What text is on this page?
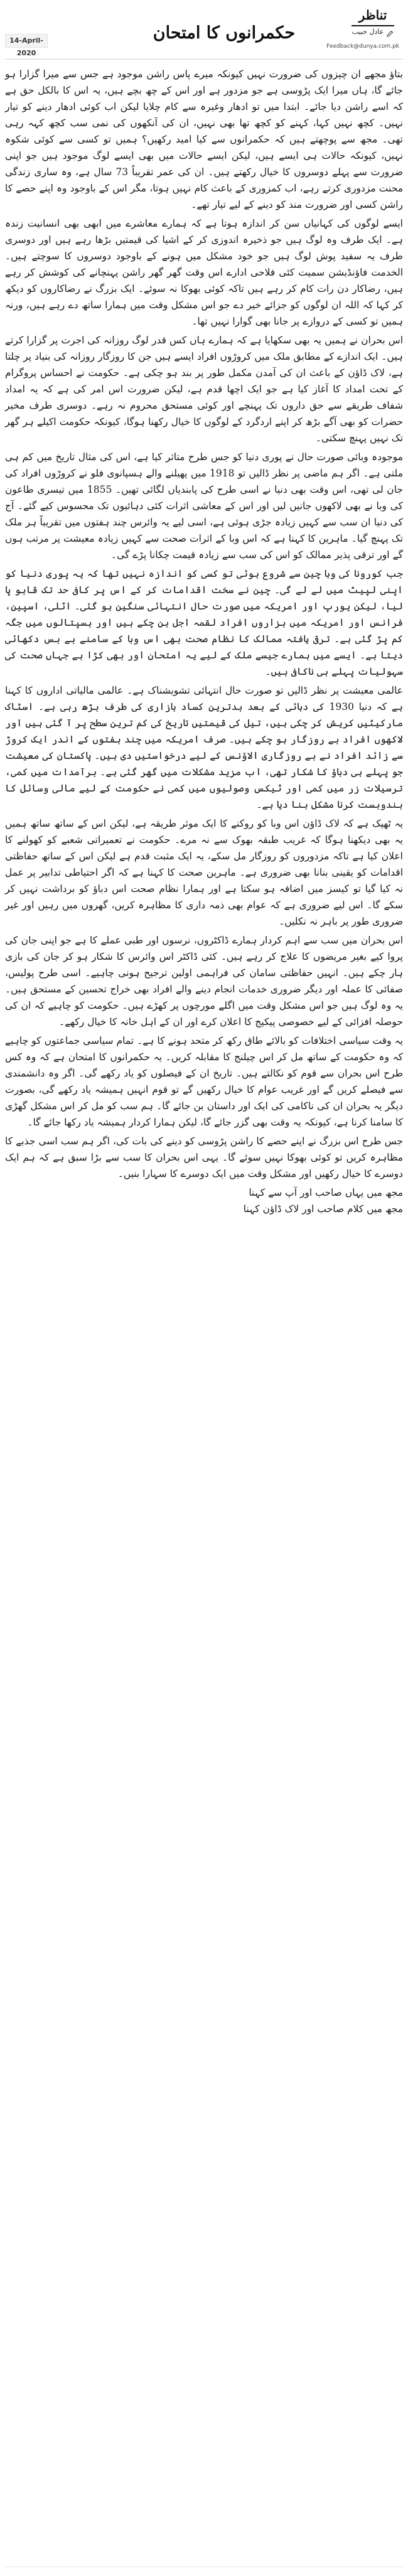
14-April-2020
حکمرانوں کا امتحان
تناظر
عادل حبیب
Feedback@dunya.com.pk

بتاؤ مجھے ان چیزوں کی ضرورت نہیں کیونکہ میرے پاس راشن موجود ہے جس سے میرا گزارا ہو جائے گا، ہاں میرا ایک پڑوسی ہے جو مزدور ہے اور اس کے چھ بچے ہیں، یہ اس کا بالکل حق ہے کہ اسے راشن دیا جائے۔ ابتدا میں تو ادھار وغیرہ سے کام چلایا لیکن اب کوئی ادھار دینے کو تیار نہیں۔ کچھ نہیں کہا، کہنے کو کچھ تھا بھی نہیں، ان کی آنکھوں کی نمی سب کچھ کہہ رہی تھی۔ مجھ سے پوچھتے ہیں کہ حکمرانوں سے کیا امید رکھیں؟ ہمیں تو کسی سے کوئی شکوہ نہیں، کیونکہ حالات ہی ایسے ہیں، لیکن ایسے حالات میں بھی ایسے لوگ موجود ہیں جو اپنی ضرورت سے پہلے دوسروں کا خیال رکھتے ہیں۔ ان کی عمر تقریباً 73 سال ہے، وہ ساری زندگی محنت مزدوری کرتے رہے، اب کمزوری کے باعث کام نہیں ہوتا، مگر اس کے باوجود وہ اپنے حصے کا راشن کسی اور ضرورت مند کو دینے کے لیے تیار تھے۔

ایسے لوگوں کی کہانیاں سن کر اندازہ ہوتا ہے کہ ہمارے معاشرے میں ابھی بھی انسانیت زندہ ہے۔ ایک طرف وہ لوگ ہیں جو ذخیرہ اندوزی کر کے اشیا کی قیمتیں بڑھا رہے ہیں اور دوسری طرف یہ سفید پوش لوگ ہیں جو خود مشکل میں ہونے کے باوجود دوسروں کا سوچتے ہیں۔ الخدمت فاؤنڈیشن سمیت کئی فلاحی ادارے اس وقت گھر گھر راشن پہنچانے کی کوشش کر رہے ہیں، رضاکار دن رات کام کر رہے ہیں تاکہ کوئی بھوکا نہ سوئے۔ ایک بزرگ نے رضاکاروں کو دیکھ کر کہا کہ اللہ ان لوگوں کو جزائے خیر دے جو اس مشکل وقت میں ہمارا ساتھ دے رہے ہیں، ورنہ ہمیں تو کسی کے دروازے پر جانا بھی گوارا نہیں تھا۔

اس بحران نے ہمیں یہ بھی سکھایا ہے کہ ہمارے ہاں کس قدر لوگ روزانہ کی اجرت پر گزارا کرتے ہیں۔ ایک اندازے کے مطابق ملک میں کروڑوں افراد ایسے ہیں جن کا روزگار روزانہ کی بنیاد پر چلتا ہے، لاک ڈاؤن کے باعث ان کی آمدن مکمل طور پر بند ہو چکی ہے۔ حکومت نے احساس پروگرام کے تحت امداد کا آغاز کیا ہے جو ایک اچھا قدم ہے، لیکن ضرورت اس امر کی ہے کہ یہ امداد شفاف طریقے سے حق داروں تک پہنچے اور کوئی مستحق محروم نہ رہے۔ دوسری طرف مخیر حضرات کو بھی آگے بڑھ کر اپنے اردگرد کے لوگوں کا خیال رکھنا ہوگا، کیونکہ حکومت اکیلے ہر گھر تک نہیں پہنچ سکتی۔

موجودہ وبائی صورت حال نے پوری دنیا کو جس طرح متاثر کیا ہے، اس کی مثال تاریخ میں کم ہی ملتی ہے۔ اگر ہم ماضی پر نظر ڈالیں تو 1918 میں پھیلنے والے ہسپانوی فلو نے کروڑوں افراد کی جان لی تھی، اس وقت بھی دنیا نے اسی طرح کی پابندیاں لگائی تھیں۔ 1855 میں تیسری طاعون کی وبا نے بھی لاکھوں جانیں لیں اور اس کے معاشی اثرات کئی دہائیوں تک محسوس کیے گئے۔ آج کی دنیا ان سب سے کہیں زیادہ جڑی ہوئی ہے، اسی لیے یہ وائرس چند ہفتوں میں تقریباً ہر ملک تک پہنچ گیا۔ ماہرین کا کہنا ہے کہ اس وبا کے اثرات صحت سے کہیں زیادہ معیشت پر مرتب ہوں گے اور ترقی پذیر ممالک کو اس کی سب سے زیادہ قیمت چکانا پڑے گی۔

جب کورونا کی وبا چین سے شروع ہوئی تو کسی کو اندازہ نہیں تھا کہ یہ پوری دنیا کو اپنی لپیٹ میں لے لے گی۔ چین نے سخت اقدامات کر کے اس پر کافی حد تک قابو پا لیا، لیکن یورپ اور امریکہ میں صورت حال انتہائی سنگین ہو گئی۔ اٹلی، اسپین، فرانس اور امریکہ میں ہزاروں افراد لقمہ اجل بن چکے ہیں اور ہسپتالوں میں جگہ کم پڑ گئی ہے۔ ترقی یافتہ ممالک کا نظام صحت بھی اس وبا کے سامنے بے بس دکھائی دیتا ہے۔ ایسے میں ہمارے جیسے ملک کے لیے یہ امتحان اور بھی کڑا ہے جہاں صحت کی سہولیات پہلے ہی ناکافی ہیں۔

عالمی معیشت پر نظر ڈالیں تو صورت حال انتہائی تشویشناک ہے۔ عالمی مالیاتی اداروں کا کہنا ہے کہ دنیا 1930 کی دہائی کے بعد بدترین کساد بازاری کی طرف بڑھ رہی ہے۔ اسٹاک مارکیٹیں کریش کر چکی ہیں، تیل کی قیمتیں تاریخ کی کم ترین سطح پر آ گئی ہیں اور لاکھوں افراد بے روزگار ہو چکے ہیں۔ صرف امریکہ میں چند ہفتوں کے اندر ایک کروڑ سے زائد افراد نے بے روزگاری الاؤنس کے لیے درخواستیں دی ہیں۔ پاکستان کی معیشت جو پہلے ہی دباؤ کا شکار تھی، اب مزید مشکلات میں گھر گئی ہے۔ برآمدات میں کمی، ترسیلات زر میں کمی اور ٹیکس وصولیوں میں کمی نے حکومت کے لیے مالی وسائل کا بندوبست کرنا مشکل بنا دیا ہے۔

یہ ٹھیک ہے کہ لاک ڈاؤن اس وبا کو روکنے کا ایک موثر طریقہ ہے، لیکن اس کے ساتھ ساتھ ہمیں یہ بھی دیکھنا ہوگا کہ غریب طبقہ بھوک سے نہ مرے۔ حکومت نے تعمیراتی شعبے کو کھولنے کا اعلان کیا ہے تاکہ مزدوروں کو روزگار مل سکے، یہ ایک مثبت قدم ہے لیکن اس کے ساتھ حفاظتی اقدامات کو یقینی بنانا بھی ضروری ہے۔ ماہرین صحت کا کہنا ہے کہ اگر احتیاطی تدابیر پر عمل نہ کیا گیا تو کیسز میں اضافہ ہو سکتا ہے اور ہمارا نظام صحت اس دباؤ کو برداشت نہیں کر سکے گا۔ اس لیے ضروری ہے کہ عوام بھی ذمہ داری کا مظاہرہ کریں، گھروں میں رہیں اور غیر ضروری طور پر باہر نہ نکلیں۔

اس بحران میں سب سے اہم کردار ہمارے ڈاکٹروں، نرسوں اور طبی عملے کا ہے جو اپنی جان کی پروا کیے بغیر مریضوں کا علاج کر رہے ہیں۔ کئی ڈاکٹر اس وائرس کا شکار ہو کر جان کی بازی ہار چکے ہیں۔ انہیں حفاظتی سامان کی فراہمی اولین ترجیح ہونی چاہیے۔ اسی طرح پولیس، صفائی کا عملہ اور دیگر ضروری خدمات انجام دینے والے افراد بھی خراج تحسین کے مستحق ہیں۔ یہ وہ لوگ ہیں جو اس مشکل وقت میں اگلے مورچوں پر کھڑے ہیں۔ حکومت کو چاہیے کہ ان کی حوصلہ افزائی کے لیے خصوصی پیکیج کا اعلان کرے اور ان کے اہل خانہ کا خیال رکھے۔

یہ وقت سیاسی اختلافات کو بالائے طاق رکھ کر متحد ہونے کا ہے۔ تمام سیاسی جماعتوں کو چاہیے کہ وہ حکومت کے ساتھ مل کر اس چیلنج کا مقابلہ کریں۔ یہ حکمرانوں کا امتحان ہے کہ وہ کس طرح اس بحران سے قوم کو نکالتے ہیں۔ تاریخ ان کے فیصلوں کو یاد رکھے گی۔ اگر وہ دانشمندی سے فیصلے کریں گے اور غریب عوام کا خیال رکھیں گے تو قوم انہیں ہمیشہ یاد رکھے گی، بصورت دیگر یہ بحران ان کی ناکامی کی ایک اور داستان بن جائے گا۔ ہم سب کو مل کر اس مشکل گھڑی کا سامنا کرنا ہے، کیونکہ یہ وقت بھی گزر جائے گا، لیکن ہمارا کردار ہمیشہ یاد رکھا جائے گا۔

جس طرح اس بزرگ نے اپنے حصے کا راشن پڑوسی کو دینے کی بات کی، اگر ہم سب اسی جذبے کا مظاہرہ کریں تو کوئی بھوکا نہیں سوئے گا۔ یہی اس بحران کا سب سے بڑا سبق ہے کہ ہم ایک دوسرے کا خیال رکھیں اور مشکل وقت میں ایک دوسرے کا سہارا بنیں۔

مجھ میں یہاں صاحب اور آپ سے کہنا

مجھ میں کلام صاحب اور لاک ڈاؤن کہنا
